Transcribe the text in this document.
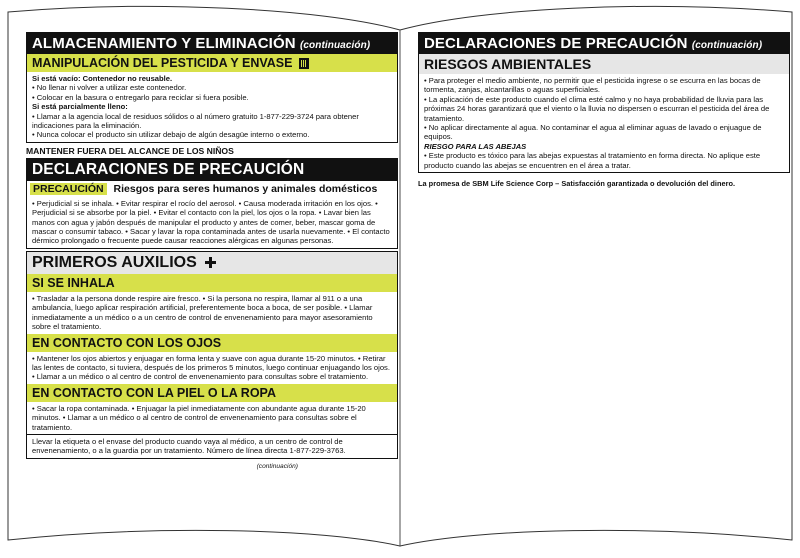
ALMACENAMIENTO Y ELIMINACIÓN (continuación)
MANIPULACIÓN DEL PESTICIDA Y ENVASE

Si está vacío: Contenedor no reusable.

• No llenar ni volver a utilizar este contenedor.

• Colocar en la basura o entregarlo para reciclar si fuera posible.

Si está parcialmente lleno:

• Llamar a la agencia local de residuos sólidos o al número gratuito 1-877-229-3724 para obtener indicaciones para la eliminación.

• Nunca colocar el producto sin utilizar debajo de algún desagüe interno o externo.

MANTENER FUERA DEL ALCANCE DE LOS NIÑOS
DECLARACIONES DE PRECAUCIÓN
PRECAUCIÓN Riesgos para seres humanos y animales domésticos
• Perjudicial si se inhala. • Evitar respirar el rocío del aerosol. • Causa moderada irritación en los ojos. • Perjudicial si se absorbe por la piel. • Evitar el contacto con la piel, los ojos o la ropa. • Lavar bien las manos con agua y jabón después de manipular el producto y antes de comer, beber, mascar goma de mascar o consumir tabaco. • Sacar y lavar la ropa contaminada antes de usarla nuevamente. • El contacto dérmico prolongado o frecuente puede causar reacciones alérgicas en algunas personas.
PRIMEROS AUXILIOS
SI SE INHALA
• Trasladar a la persona donde respire aire fresco. • Si la persona no respira, llamar al 911 o a una ambulancia, luego aplicar respiración artificial, preferentemente boca a boca, de ser posible. • Llamar inmediatamente a un médico o a un centro de control de envenenamiento para mayor asesoramiento sobre el tratamiento.
EN CONTACTO CON LOS OJOS
• Mantener los ojos abiertos y enjuagar en forma lenta y suave con agua durante 15-20 minutos. • Retirar las lentes de contacto, si tuviera, después de los primeros 5 minutos, luego continuar enjuagando los ojos. • Llamar a un médico o al centro de control de envenenamiento para consultas sobre el tratamiento.
EN CONTACTO CON LA PIEL O LA ROPA
• Sacar la ropa contaminada. • Enjuagar la piel inmediatamente con abundante agua durante 15-20 minutos. • Llamar a un médico o al centro de control de envenenamiento para consultas sobre el tratamiento.
Llevar la etiqueta o el envase del producto cuando vaya al médico, a un centro de control de envenenamiento, o a la guardia por un tratamiento. Número de línea directa 1-877-229-3763.
(continuación)
DECLARACIONES DE PRECAUCIÓN (continuación)
RIESGOS AMBIENTALES

• Para proteger el medio ambiente, no permitir que el pesticida ingrese o se escurra en las bocas de tormenta, zanjas, alcantarillas o aguas superficiales.

• La aplicación de este producto cuando el clima esté calmo y no haya probabilidad de lluvia para las próximas 24 horas garantizará que el viento o la lluvia no dispersen o escurran el pesticida del área de tratamiento.

• No aplicar directamente al agua. No contaminar el agua al eliminar aguas de lavado o enjuague de equipos.

RIESGO PARA LAS ABEJAS

• Este producto es tóxico para las abejas expuestas al tratamiento en forma directa. No aplique este producto cuando las abejas se encuentren en el área a tratar.

La promesa de SBM Life Science Corp – Satisfacción garantizada o devolución del dinero.
